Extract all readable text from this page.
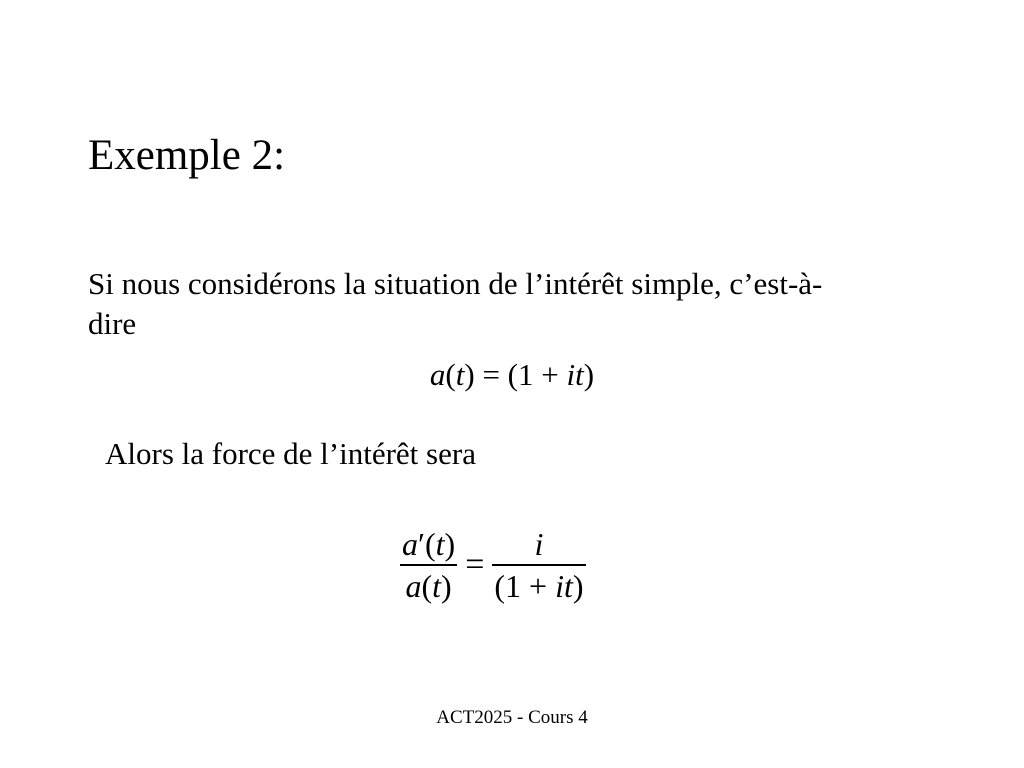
Exemple 2:
Si nous considérons la situation de l’intérêt simple, c’est-à-
dire
a(t) = (1 + it)
Alors la force de l’intérêt sera
$\frac{a'(t)}{a(t)} = \frac{i}{(1 + it)}$
ACT2025 - Cours 4
